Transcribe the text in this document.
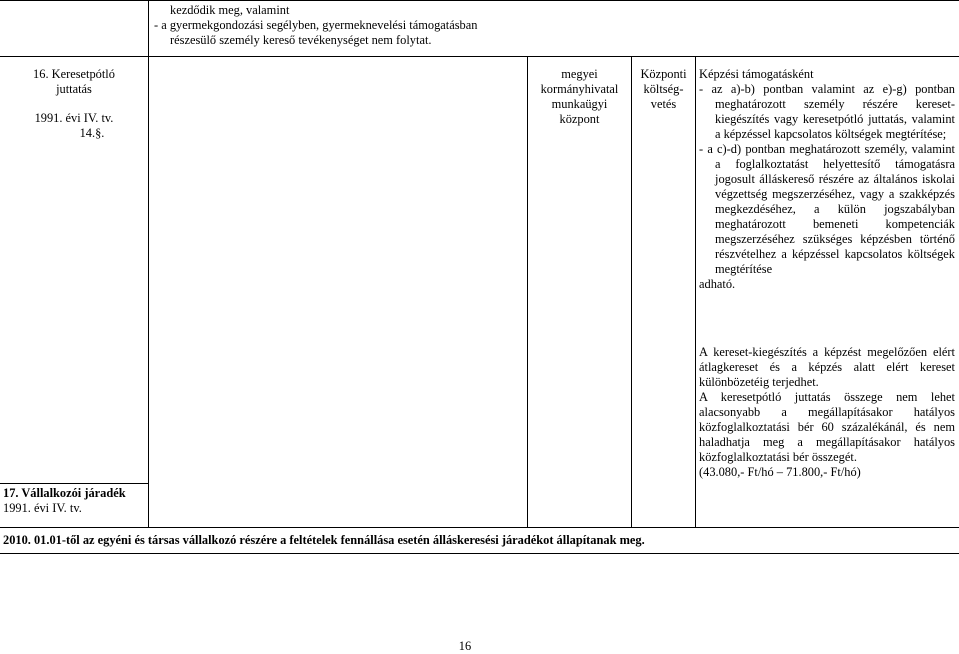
kezdődik meg, valamint
- a gyermekgondozási segélyben, gyermeknevelési támogatásban
részesülő személy kereső tevékenységet nem folytat.
16. Keresetpótló
juttatás
1991. évi IV. tv.
14.§.
megyei
kormányhivatal
munkaügyi
központ
Központi
költség-
vetés
Képzési támogatásként
- az a)-b) pontban valamint az e)-g) pontban meghatározott személy részére kereset-kiegészítés vagy keresetpótló juttatás, valamint a képzéssel kapcsolatos költségek megtérítése;
- a c)-d) pontban meghatározott személy, valamint a foglalkoztatást helyettesítő támogatásra jogosult álláskereső részére az általános iskolai végzettség megszerzéséhez, vagy a szakképzés megkezdéséhez, a külön jogszabályban meghatározott bemeneti kompetenciák megszerzéséhez szükséges képzésben történő részvételhez a képzéssel kapcsolatos költségek megtérítése
adható.
A kereset-kiegészítés a képzést megelőzően elért átlagkereset és a képzés alatt elért kereset különbözetéig terjedhet.
A keresetpótló juttatás összege nem lehet alacsonyabb a megállapításakor hatályos közfoglalkoztatási bér 60 százalékánál, és nem haladhatja meg a megállapításakor hatályos közfoglalkoztatási bér összegét.
(43.080,- Ft/hó – 71.800,- Ft/hó)
17. Vállalkozói járadék
1991. évi IV. tv.
2010. 01.01-től az egyéni és társas vállalkozó részére a feltételek fennállása esetén álláskeresési járadékot állapítanak meg.
16
